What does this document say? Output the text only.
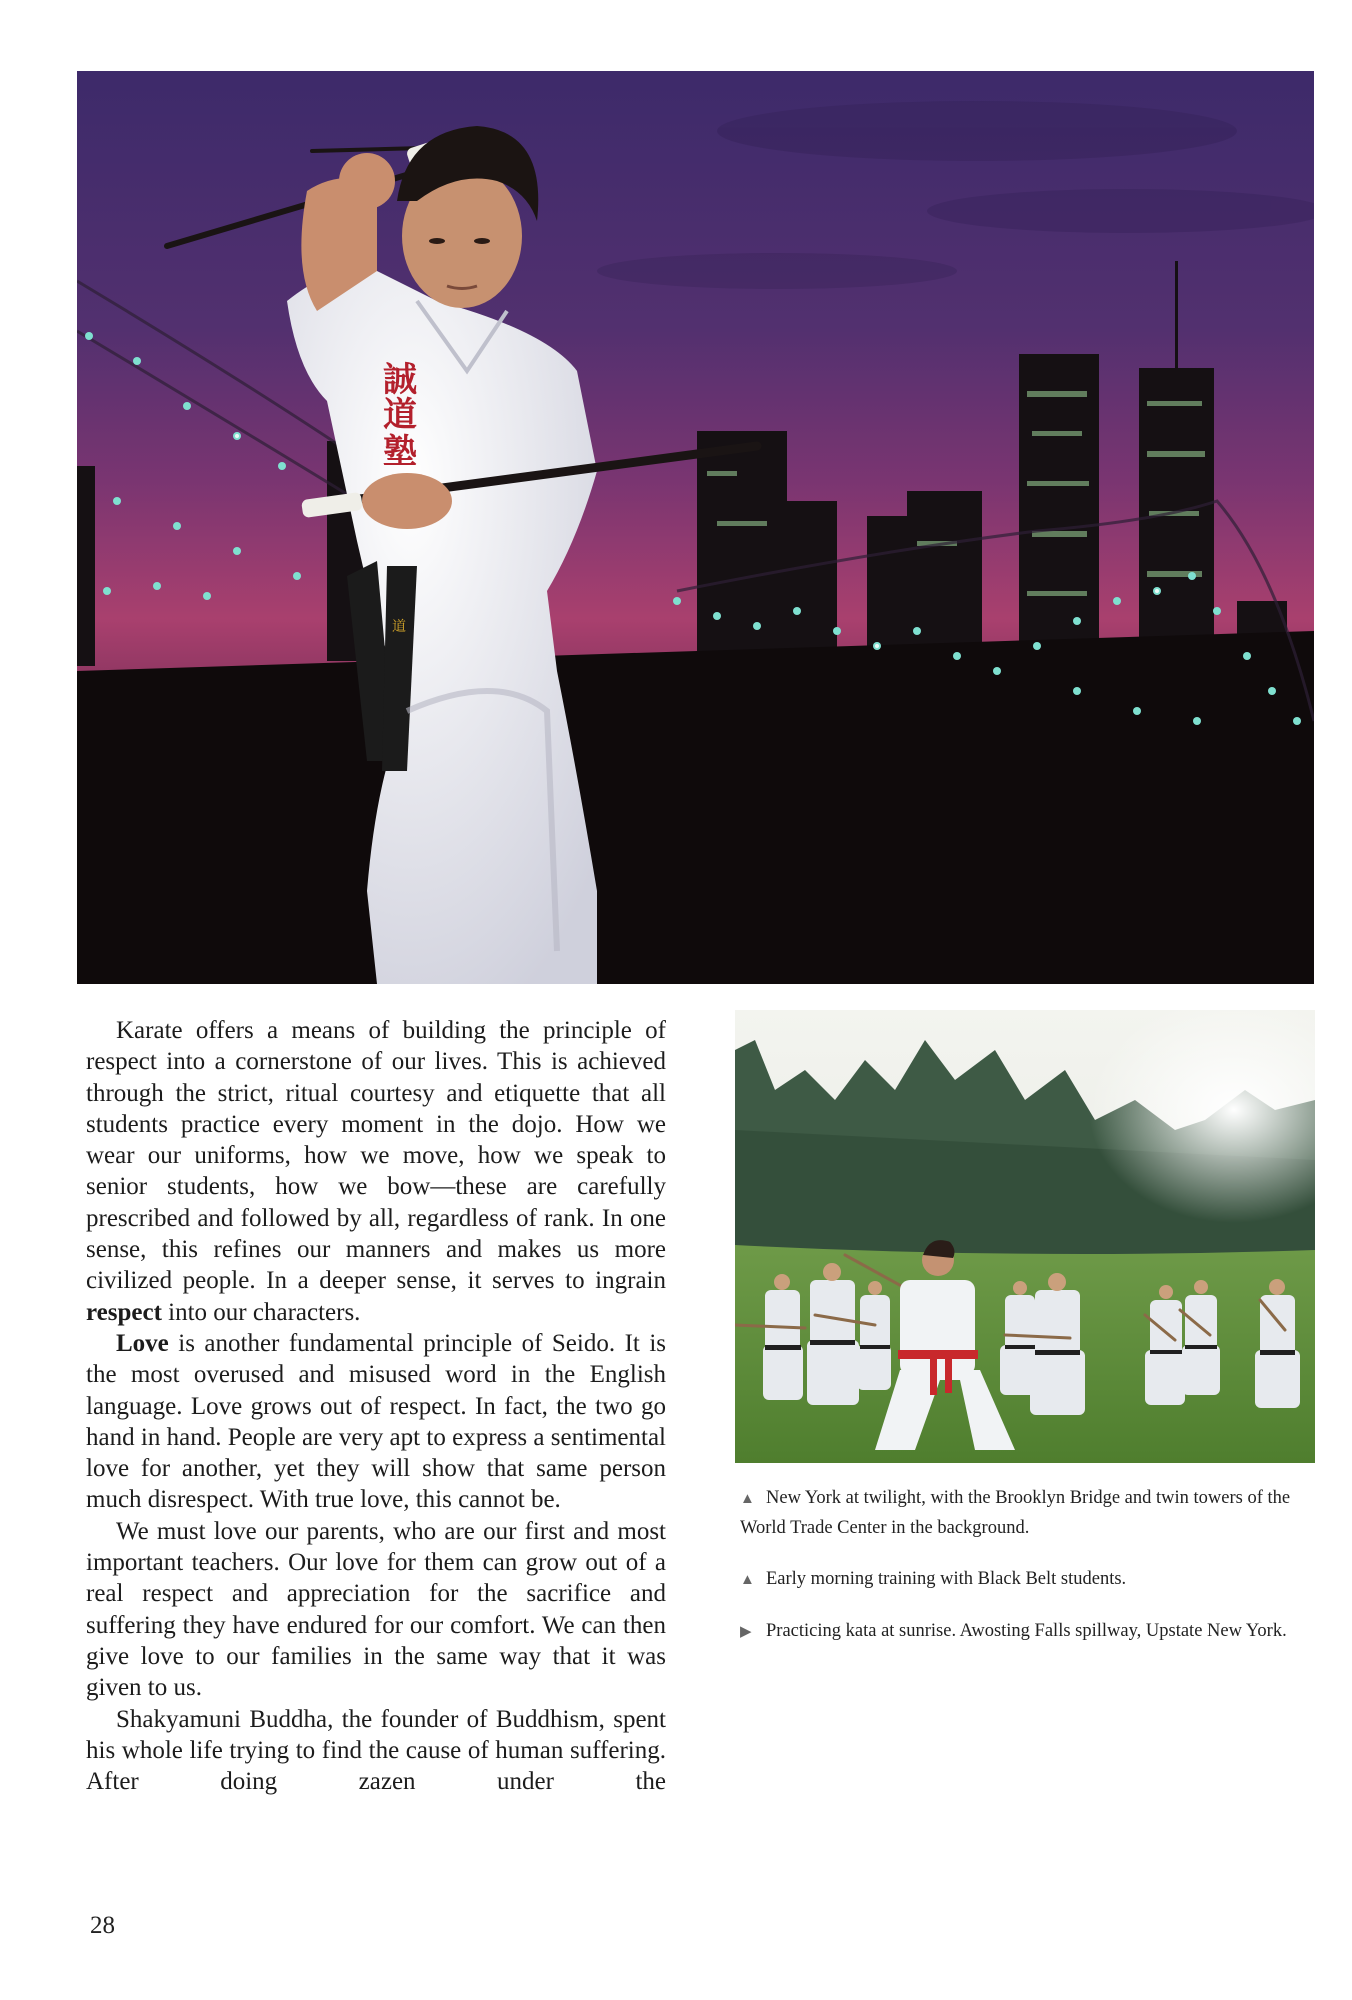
誠
道
塾
道

Karate offers a means of building the principle of respect into a cornerstone of our lives. This is achieved through the strict, ritual courtesy and etiquette that all students practice every moment in the dojo. How we wear our uniforms, how we move, how we speak to senior students, how we bow—these are carefully prescribed and followed by all, regardless of rank. In one sense, this refines our manners and makes us more civilized people. In a deeper sense, it serves to ingrain respect into our characters.

Love is another fundamental principle of Seido. It is the most overused and misused word in the English language. Love grows out of respect. In fact, the two go hand in hand. People are very apt to express a sentimental love for another, yet they will show that same person much disrespect. With true love, this cannot be.

We must love our parents, who are our first and most important teachers. Our love for them can grow out of a real respect and appreciation for the sacrifice and suffering they have endured for our comfort. We can then give love to our families in the same way that it was given to us.

Shakyamuni Buddha, the founder of Buddhism, spent his whole life trying to find the cause of human suffering. After doing zazen under the

▲ New York at twilight, with the Brooklyn Bridge and twin towers of the World Trade Center in the background.

▲ Early morning training with Black Belt students.

▶ Practicing kata at sunrise. Awosting Falls spillway, Upstate New York.

28
